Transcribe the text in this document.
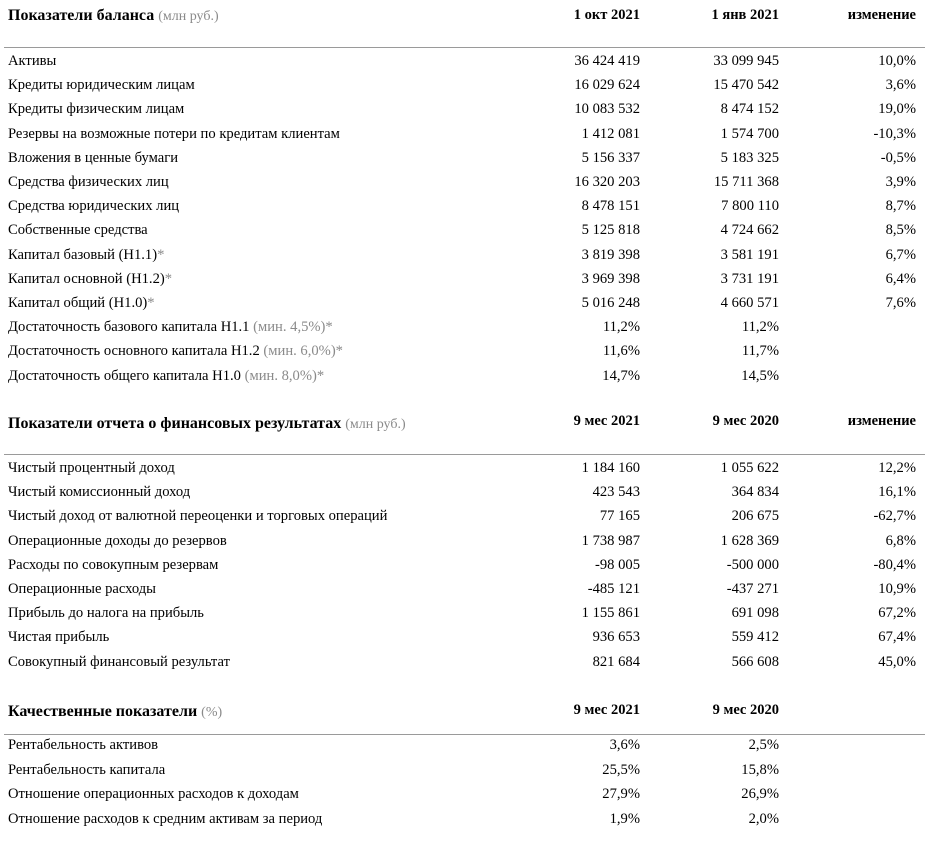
Показатели баланса (млн руб.)	1 окт 2021	1 янв 2021	изменение
Активы	36 424 419	33 099 945	10,0%
Кредиты юридическим лицам	16 029 624	15 470 542	3,6%
Кредиты физическим лицам	10 083 532	8 474 152	19,0%
Резервы на возможные потери по кредитам клиентам	1 412 081	1 574 700	-10,3%
Вложения в ценные бумаги	5 156 337	5 183 325	-0,5%
Средства физических лиц	16 320 203	15 711 368	3,9%
Средства юридических лиц	8 478 151	7 800 110	8,7%
Собственные средства	5 125 818	4 724 662	8,5%
Капитал базовый (Н1.1)*	3 819 398	3 581 191	6,7%
Капитал основной (Н1.2)*	3 969 398	3 731 191	6,4%
Капитал общий (Н1.0)*	5 016 248	4 660 571	7,6%
Достаточность базового капитала Н1.1 (мин. 4,5%)*	11,2%	11,2%
Достаточность основного капитала Н1.2 (мин. 6,0%)*	11,6%	11,7%
Достаточность общего капитала Н1.0 (мин. 8,0%)*	14,7%	14,5%
Показатели отчета о финансовых результатах (млн руб.)	9 мес 2021	9 мес 2020	изменение
Чистый процентный доход	1 184 160	1 055 622	12,2%
Чистый комиссионный доход	423 543	364 834	16,1%
Чистый доход от валютной переоценки и торговых операций	77 165	206 675	-62,7%
Операционные доходы до резервов	1 738 987	1 628 369	6,8%
Расходы по совокупным резервам	-98 005	-500 000	-80,4%
Операционные расходы	-485 121	-437 271	10,9%
Прибыль до налога на прибыль	1 155 861	691 098	67,2%
Чистая прибыль	936 653	559 412	67,4%
Совокупный финансовый результат	821 684	566 608	45,0%
Качественные показатели (%)	9 мес 2021	9 мес 2020
Рентабельность активов	3,6%	2,5%
Рентабельность капитала	25,5%	15,8%
Отношение операционных расходов к доходам	27,9%	26,9%
Отношение расходов к средним активам за период	1,9%	2,0%
